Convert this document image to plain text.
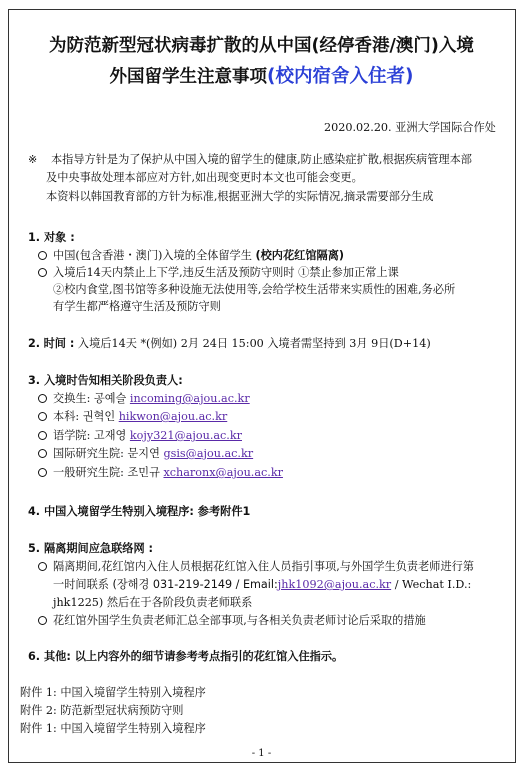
为防范新型冠状病毒扩散的从中国(经停香港/澳门)入境
外国留学生注意事项(校内宿舍入住者)
2020.02.20. 亚洲大学国际合作处
※ 本指导方针是为了保护从中国入境的留学生的健康,防止感染症扩散,根据疾病管理本部
及中央事故处理本部应对方针,如出现变更时本文也可能会变更。
本资料以韩国教育部的方针为标准,根据亚洲大学的实际情况,摘录需要部分生成
1. 对象 :
中国(包含香港・澳门)入境的全体留学生 (校内花红馆隔离)
入境后14天内禁止上下学,违反生活及预防守则时 ①禁止参加正常上课
②校内食堂,图书馆等多种设施无法使用等,会给学校生活带来实质性的困难,务必所
有学生都严格遵守生活及预防守则
2. 时间 : 入境后14天 *(例如) 2月 24日 15:00 入境者需坚持到 3月 9日(D+14)
3. 入境时告知相关阶段负责人:
交换生: 공예슬 incoming@ajou.ac.kr
本科: 권혁인 hikwon@ajou.ac.kr
语学院: 고재영 kojy321@ajou.ac.kr
国际研究生院: 문지연 gsis@ajou.ac.kr
一般研究生院: 조민규 xcharonx@ajou.ac.kr
4. 中国入境留学生特别入境程序: 参考附件1
5. 隔离期间应急联络网 :
隔离期间,花红馆内入住人员根据花红馆入住人员指引事项,与外国学生负责老师进行第
一时间联系 (장해경 031-219-2149 / Email:jhk1092@ajou.ac.kr / Wechat I.D.:
jhk1225) 然后在于各阶段负责老师联系
花红馆外国学生负责老师汇总全部事项,与各相关负责老师讨论后采取的措施
6. 其他: 以上内容外的细节请参考考点指引的花红馆入住指示。
附件 1: 中国入境留学生特别入境程序
附件 2: 防范新型冠状病预防守则
附件 1: 中国入境留学生特别入境程序
- 1 -
